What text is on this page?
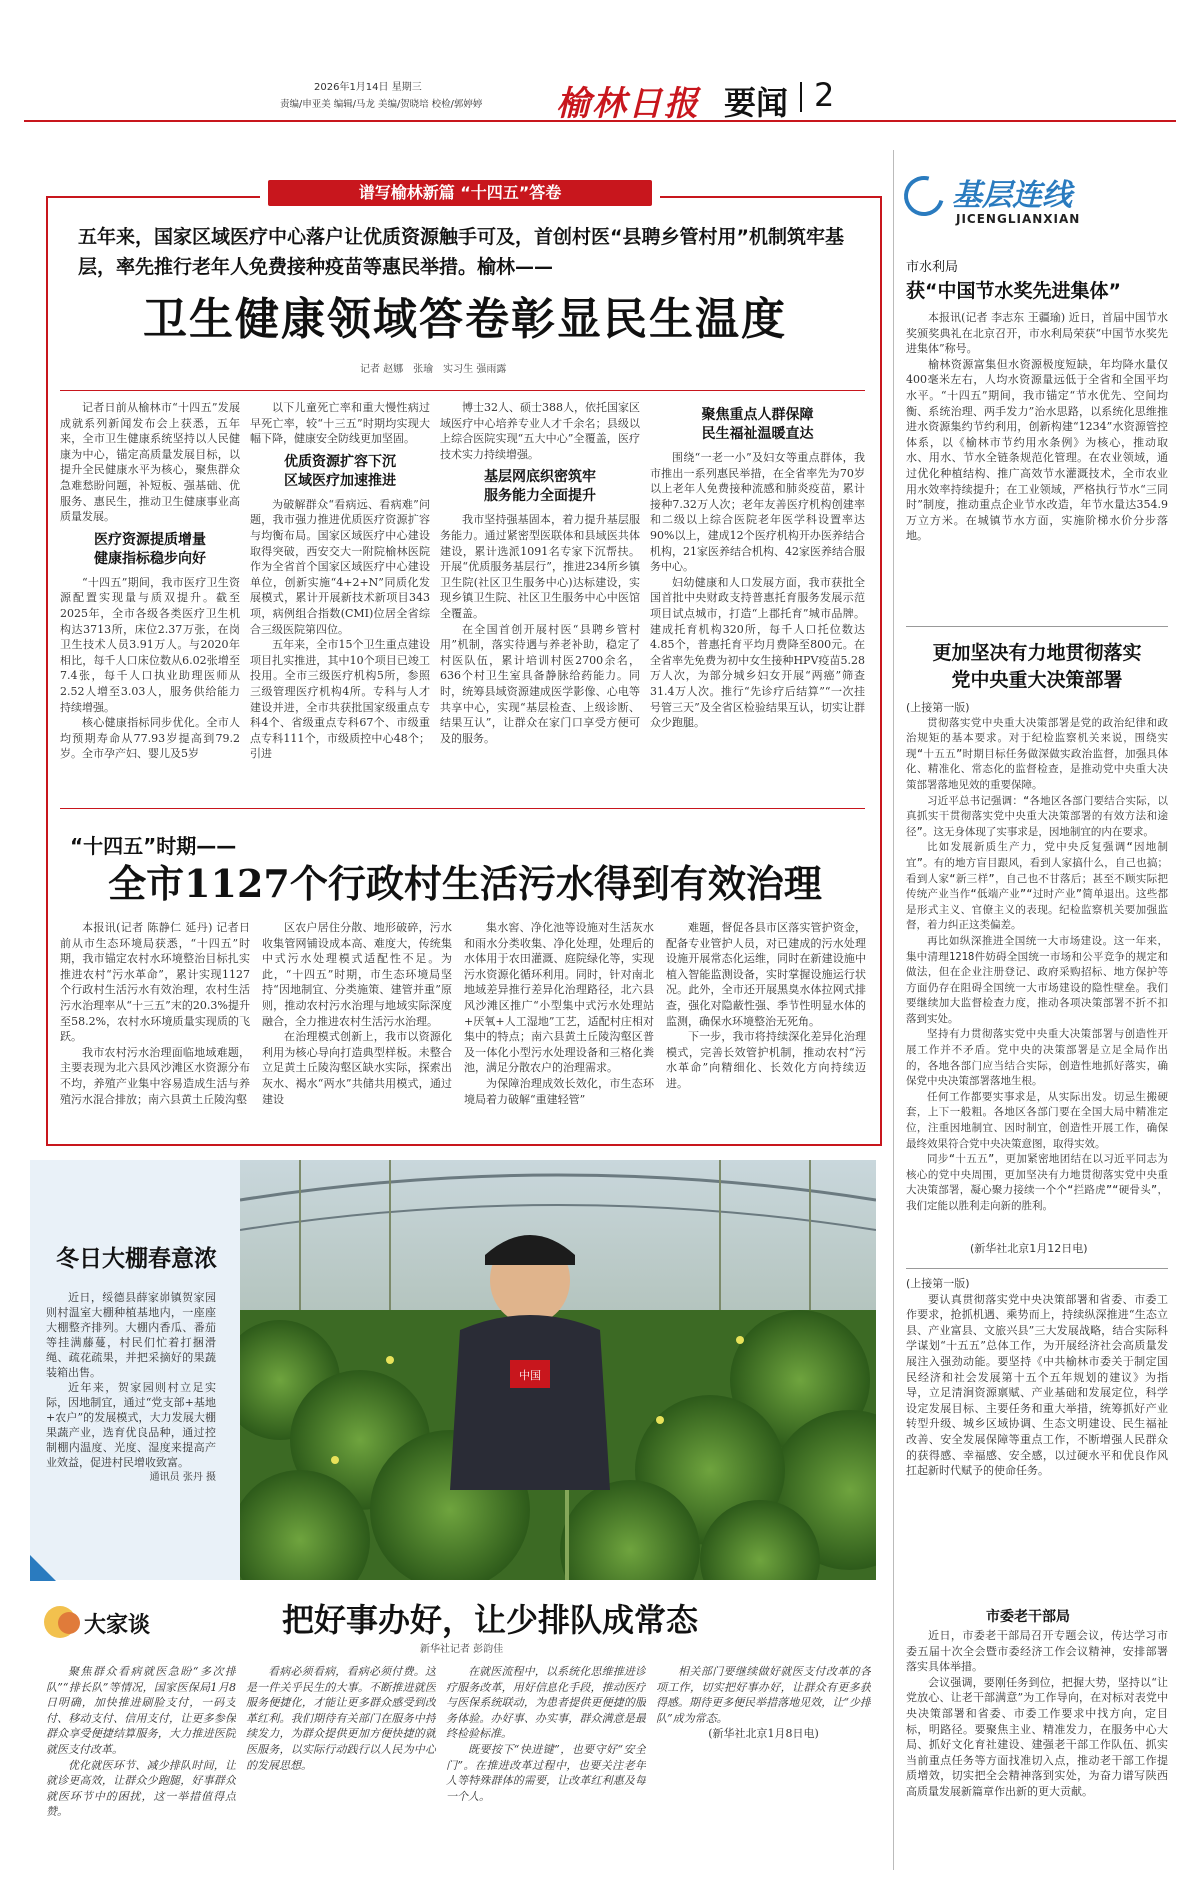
2026年1月14日 星期三
责编/申亚美 编辑/马龙 美编/贺晓培 校检/郭婷婷 榆林日报 要闻 2
谱写榆林新篇 “十四五”答卷
五年来，国家区域医疗中心落户让优质资源触手可及，首创村医“县聘乡管村用”机制筑牢基层，率先推行老年人免费接种疫苗等惠民举措。榆林——
卫生健康领域答卷彰显民生温度
记者 赵娜　张瑜　实习生 强雨露

记者日前从榆林市“十四五”发展成就系列新闻发布会上获悉，五年来，全市卫生健康系统坚持以人民健康为中心，锚定高质量发展目标，以提升全民健康水平为核心，聚焦群众急难愁盼问题，补短板、强基础、优服务、惠民生，推动卫生健康事业高质量发展。

医疗资源提质增量
健康指标稳步向好

“十四五”期间，我市医疗卫生资源配置实现量与质双提升。截至2025年，全市各级各类医疗卫生机构达3713所，床位2.37万张，在岗卫生技术人员3.91万人。与2020年相比，每千人口床位数从6.02张增至7.4张，每千人口执业助理医师从2.52人增至3.03人，服务供给能力持续增强。

核心健康指标同步优化。全市人均预期寿命从77.93岁提高到79.2岁。全市孕产妇、婴儿及5岁

以下儿童死亡率和重大慢性病过早死亡率，较“十三五”时期均实现大幅下降，健康安全防线更加坚固。

优质资源扩容下沉
区域医疗加速推进

为破解群众“看病远、看病难”问题，我市强力推进优质医疗资源扩容与均衡布局。国家区域医疗中心建设取得突破，西安交大一附院榆林医院作为全省首个国家区域医疗中心建设单位，创新实施“4+2+N”同质化发展模式，累计开展新技术新项目343项，病例组合指数(CMI)位居全省综合三级医院第四位。

五年来，全市15个卫生重点建设项目扎实推进，其中10个项目已竣工投用。全市三级医疗机构5所，参照三级管理医疗机构4所。专科与人才建设并进，全市共获批国家级重点专科4个、省级重点专科67个、市级重点专科111个，市级质控中心48个；引进

博士32人、硕士388人，依托国家区域医疗中心培养专业人才千余名；县级以上综合医院实现“五大中心”全覆盖，医疗技术实力持续增强。

基层网底织密筑牢
服务能力全面提升

我市坚持强基固本，着力提升基层服务能力。通过紧密型医联体和县域医共体建设，累计选派1091名专家下沉帮扶。开展“优质服务基层行”，推进234所乡镇卫生院(社区卫生服务中心)达标建设，实现乡镇卫生院、社区卫生服务中心中医馆全覆盖。

在全国首创开展村医“县聘乡管村用”机制，落实待遇与养老补助，稳定了村医队伍，累计培训村医2700余名，636个村卫生室具备静脉给药能力。同时，统筹县域资源建成医学影像、心电等共享中心，实现“基层检查、上级诊断、结果互认”，让群众在家门口享受方便可及的服务。

聚焦重点人群保障
民生福祉温暖直达

围绕“一老一小”及妇女等重点群体，我市推出一系列惠民举措，在全省率先为70岁以上老年人免费接种流感和肺炎疫苗，累计接种7.32万人次；老年友善医疗机构创建率和二级以上综合医院老年医学科设置率达90%以上，建成12个医疗机构开办医养结合机构，21家医养结合机构、42家医养结合服务中心。

妇幼健康和人口发展方面，我市获批全国首批中央财政支持普惠托育服务发展示范项目试点城市，打造“上郡托育”城市品牌。建成托育机构320所，每千人口托位数达4.85个，普惠托育平均月费降至800元。在全省率先免费为初中女生接种HPV疫苗5.28万人次，为部分城乡妇女开展“两癌”筛查31.4万人次。推行“先诊疗后结算”“一次挂号管三天”及全省区检验结果互认，切实让群众少跑腿。

“十四五”时期——
全市1127个行政村生活污水得到有效治理

本报讯(记者 陈静仁 延丹) 记者日前从市生态环境局获悉，“十四五”时期，我市锚定农村水环境整治目标扎实推进农村“污水革命”，累计实现1127个行政村生活污水有效治理，农村生活污水治理率从“十三五”末的20.3%提升至58.2%，农村水环境质量实现质的飞跃。

我市农村污水治理面临地域难题，主要表现为北六县风沙滩区水资源分布不均，养殖产业集中容易造成生活与养殖污水混合排放；南六县黄土丘陵沟壑

区农户居住分散、地形破碎，污水收集管网铺设成本高、难度大，传统集中式污水处理模式适配性不足。为此，“十四五”时期，市生态环境局坚持“因地制宜、分类施策、建管并重”原则，推动农村污水治理与地域实际深度融合，全力推进农村生活污水治理。

在治理模式创新上，我市以资源化利用为核心导向打造典型样板。未整合立足黄土丘陵沟壑区缺水实际，探索出灰水、褐水“两水”共储共用模式，通过建设

集水窖、净化池等设施对生活灰水和雨水分类收集、净化处理，处理后的水体用于农田灌溉、庭院绿化等，实现污水资源化循环利用。同时，针对南北地域差异推行差异化治理路径，北六县风沙滩区推广“小型集中式污水处理站+厌氧+人工湿地”工艺，适配村庄相对集中的特点；南六县黄土丘陵沟壑区普及一体化小型污水处理设备和三格化粪池，满足分散农户的治理需求。

为保障治理成效长效化，市生态环境局着力破解“重建轻管”

难题，督促各县市区落实管护资金，配备专业管护人员，对已建成的污水处理设施开展常态化运维，同时在新建设施中植入智能监测设备，实时掌握设施运行状况。此外，全市还开展黑臭水体拉网式排查，强化对隐蔽性强、季节性明显水体的监测，确保水环境整治无死角。

下一步，我市将持续深化差异化治理模式，完善长效管护机制，推动农村“污水革命”向精细化、长效化方向持续迈进。

冬日大棚春意浓

近日，绥德县薛家峁镇贺家园则村温室大棚种植基地内，一座座大棚整齐排列。大棚内香瓜、番茄等挂满藤蔓，村民们忙着打捆滑绳、疏花疏果，并把采摘好的果蔬装箱出售。

近年来，贺家园则村立足实际，因地制宜，通过“党支部+基地+农户”的发展模式，大力发展大棚果蔬产业，选育优良品种，通过控制棚内温度、光度、湿度来提高产业效益，促进村民增收致富。

通讯员 张丹 摄

中国
大家谈	把好事办好，让少排队成常态
新华社记者 彭韵佳

聚焦群众看病就医急盼“多次排队”“排长队”等情况，国家医保局1月8日明确，加快推进刷脸支付，一码支付、移动支付、信用支付，让更多参保群众享受便捷结算服务，大力推进医院就医支付改革。

优化就医环节、减少排队时间，让就诊更高效，让群众少跑腿，好事群众就医环节中的困扰，这一举措值得点赞。

看病必须看病，看病必须付费。这是一件关乎民生的大事。不断推进就医服务便捷化，才能让更多群众感受到改革红利。我们期待有关部门在服务中持续发力，为群众提供更加方便快捷的就医服务，以实际行动践行以人民为中心的发展思想。

在就医流程中，以系统化思维推进诊疗服务改革，用好信息化手段，推动医疗与医保系统联动，为患者提供更便捷的服务体验。办好事、办实事，群众满意是最终检验标准。

既要按下“快进键”，也要守好“安全门”。在推进改革过程中，也要关注老年人等特殊群体的需要，让改革红利惠及每一个人。

相关部门要继续做好就医支付改革的各项工作，切实把好事办好，让群众有更多获得感。期待更多便民举措落地见效，让“少排队”成为常态。

(新华社北京1月8日电)

基层连线
JICENGLIANXIAN
市水利局
获“中国节水奖先进集体”

本报讯(记者 李志东 王疆瑜) 近日，首届中国节水奖颁奖典礼在北京召开，市水利局荣获“中国节水奖先进集体”称号。

榆林资源富集但水资源极度短缺，年均降水量仅400毫米左右，人均水资源量远低于全省和全国平均水平。“十四五”期间，我市锚定“节水优先、空间均衡、系统治理、两手发力”治水思路，以系统化思维推进水资源集约节约利用，创新构建“1234”水资源管控体系，以《榆林市节约用水条例》为核心，推动取水、用水、节水全链条规范化管理。在农业领域，通过优化种植结构、推广高效节水灌溉技术，全市农业用水效率持续提升；在工业领域，严格执行节水“三同时”制度，推动重点企业节水改造，年节水量达354.9万立方米。在城镇节水方面，实施阶梯水价分步落地。

更加坚决有力地贯彻落实
党中央重大决策部署

(上接第一版)

贯彻落实党中央重大决策部署是党的政治纪律和政治规矩的基本要求。对于纪检监察机关来说，围绕实现“十五五”时期目标任务做深做实政治监督，加强具体化、精准化、常态化的监督检查，是推动党中央重大决策部署落地见效的重要保障。

习近平总书记强调：“各地区各部门要结合实际，以真抓实干贯彻落实党中央重大决策部署的有效方法和途径”。这无身体现了实事求是，因地制宜的内在要求。

比如发展新质生产力，党中央反复强调“因地制宜”。有的地方盲目跟风，看到人家搞什么，自己也搞；看到人家“新三样”，自己也不甘落后；甚至不顾实际把传统产业当作“低端产业”“过时产业”简单退出。这些都是形式主义、官僚主义的表现。纪检监察机关要加强监督，着力纠正这类偏差。

再比如纵深推进全国统一大市场建设。这一年来，集中清理1218件妨碍全国统一市场和公平竞争的规定和做法，但在企业注册登记、政府采购招标、地方保护等方面仍存在阻碍全国统一大市场建设的隐性壁垒。我们要继续加大监督检查力度，推动各项决策部署不折不扣落到实处。

坚持有力贯彻落实党中央重大决策部署与创造性开展工作并不矛盾。党中央的决策部署是立足全局作出的，各地各部门应当结合实际，创造性地抓好落实，确保党中央决策部署落地生根。

任何工作都要实事求是，从实际出发。切忌生搬硬套，上下一般粗。各地区各部门要在全国大局中精准定位，注重因地制宜、因时制宜，创造性开展工作，确保最终效果符合党中央决策意图，取得实效。

同步“十五五”，更加紧密地团结在以习近平同志为核心的党中央周围，更加坚决有力地贯彻落实党中央重大决策部署，凝心聚力接续一个个“拦路虎”“硬骨头”，我们定能以胜利走向新的胜利。

(新华社北京1月12日电)

(上接第一版)

要认真贯彻落实党中央决策部署和省委、市委工作要求，抢抓机遇、乘势而上，持续纵深推进“生态立县、产业富县、文旅兴县”三大发展战略，结合实际科学谋划“十五五”总体工作，为开展经济社会高质量发展注入强劲动能。要坚持《中共榆林市委关于制定国民经济和社会发展第十五个五年规划的建议》为指导，立足清涧资源禀赋、产业基础和发展定位，科学设定发展目标、主要任务和重大举措，统筹抓好产业转型升级、城乡区域协调、生态文明建设、民生福祉改善、安全发展保障等重点工作，不断增强人民群众的获得感、幸福感、安全感，以过硬水平和优良作风扛起新时代赋予的使命任务。

市委老干部局

近日，市委老干部局召开专题会议，传达学习市委五届十次全会暨市委经济工作会议精神，安排部署落实具体举措。

会议强调，要刚任务到位，把握大势，坚持以“让党放心、让老干部满意”为工作导向，在对标对表党中央决策部署和省委、市委工作要求中找方向，定目标，明路径。要聚焦主业、精准发力，在服务中心大局、抓好文化育社建设、建强老干部工作队伍、抓实当前重点任务等方面找准切入点，推动老干部工作提质增效，切实把全会精神落到实处，为奋力谱写陕西高质量发展新篇章作出新的更大贡献。
